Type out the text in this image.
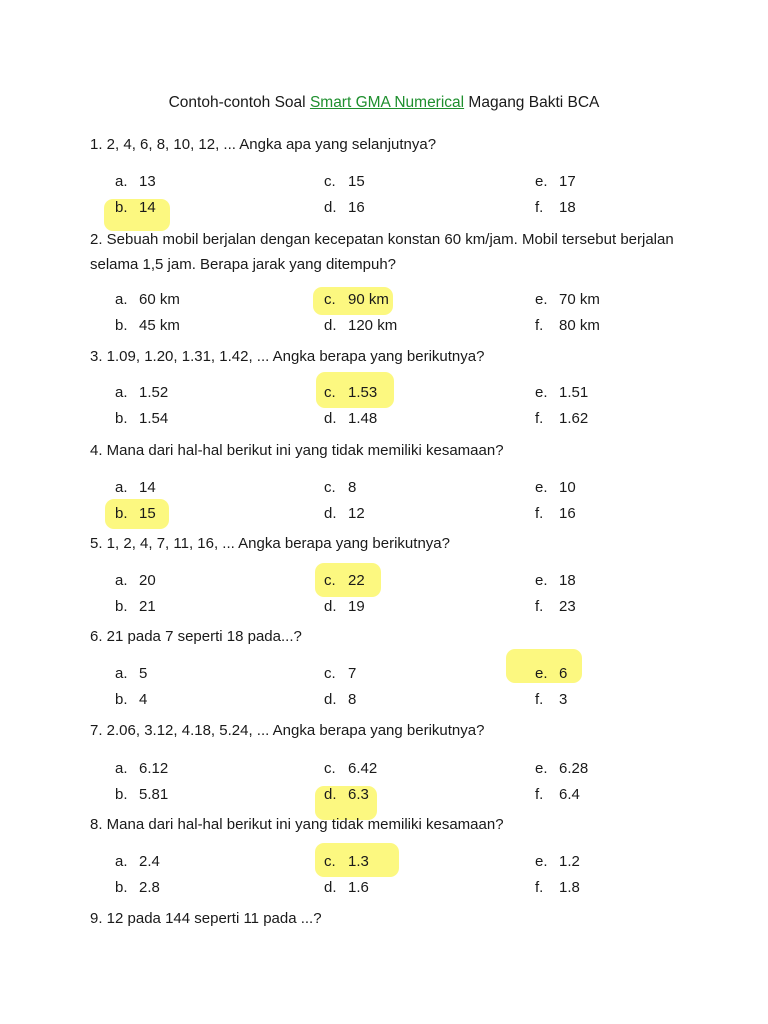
Contoh-contoh Soal Smart GMA Numerical Magang Bakti BCA
1. 2, 4, 6, 8, 10, 12, ... Angka apa yang selanjutnya?
a. 13
b. 14
c. 15
d. 16
e. 17
f. 18
2. Sebuah mobil berjalan dengan kecepatan konstan 60 km/jam. Mobil tersebut berjalan selama 1,5 jam. Berapa jarak yang ditempuh?
a. 60 km
b. 45 km
c. 90 km
d. 120 km
e. 70 km
f. 80 km
3. 1.09, 1.20, 1.31, 1.42, ... Angka berapa yang berikutnya?
a. 1.52
b. 1.54
c. 1.53
d. 1.48
e. 1.51
f. 1.62
4. Mana dari hal-hal berikut ini yang tidak memiliki kesamaan?
a. 14
b. 15
c. 8
d. 12
e. 10
f. 16
5. 1, 2, 4, 7, 11, 16, ... Angka berapa yang berikutnya?
a. 20
b. 21
c. 22
d. 19
e. 18
f. 23
6. 21 pada 7 seperti 18 pada...?
a. 5
b. 4
c. 7
d. 8
e. 6
f. 3
7. 2.06, 3.12, 4.18, 5.24, ... Angka berapa yang berikutnya?
a. 6.12
b. 5.81
c. 6.42
d. 6.3
e. 6.28
f. 6.4
8. Mana dari hal-hal berikut ini yang tidak memiliki kesamaan?
a. 2.4
b. 2.8
c. 1.3
d. 1.6
e. 1.2
f. 1.8
9. 12 pada 144 seperti 11 pada ...?
